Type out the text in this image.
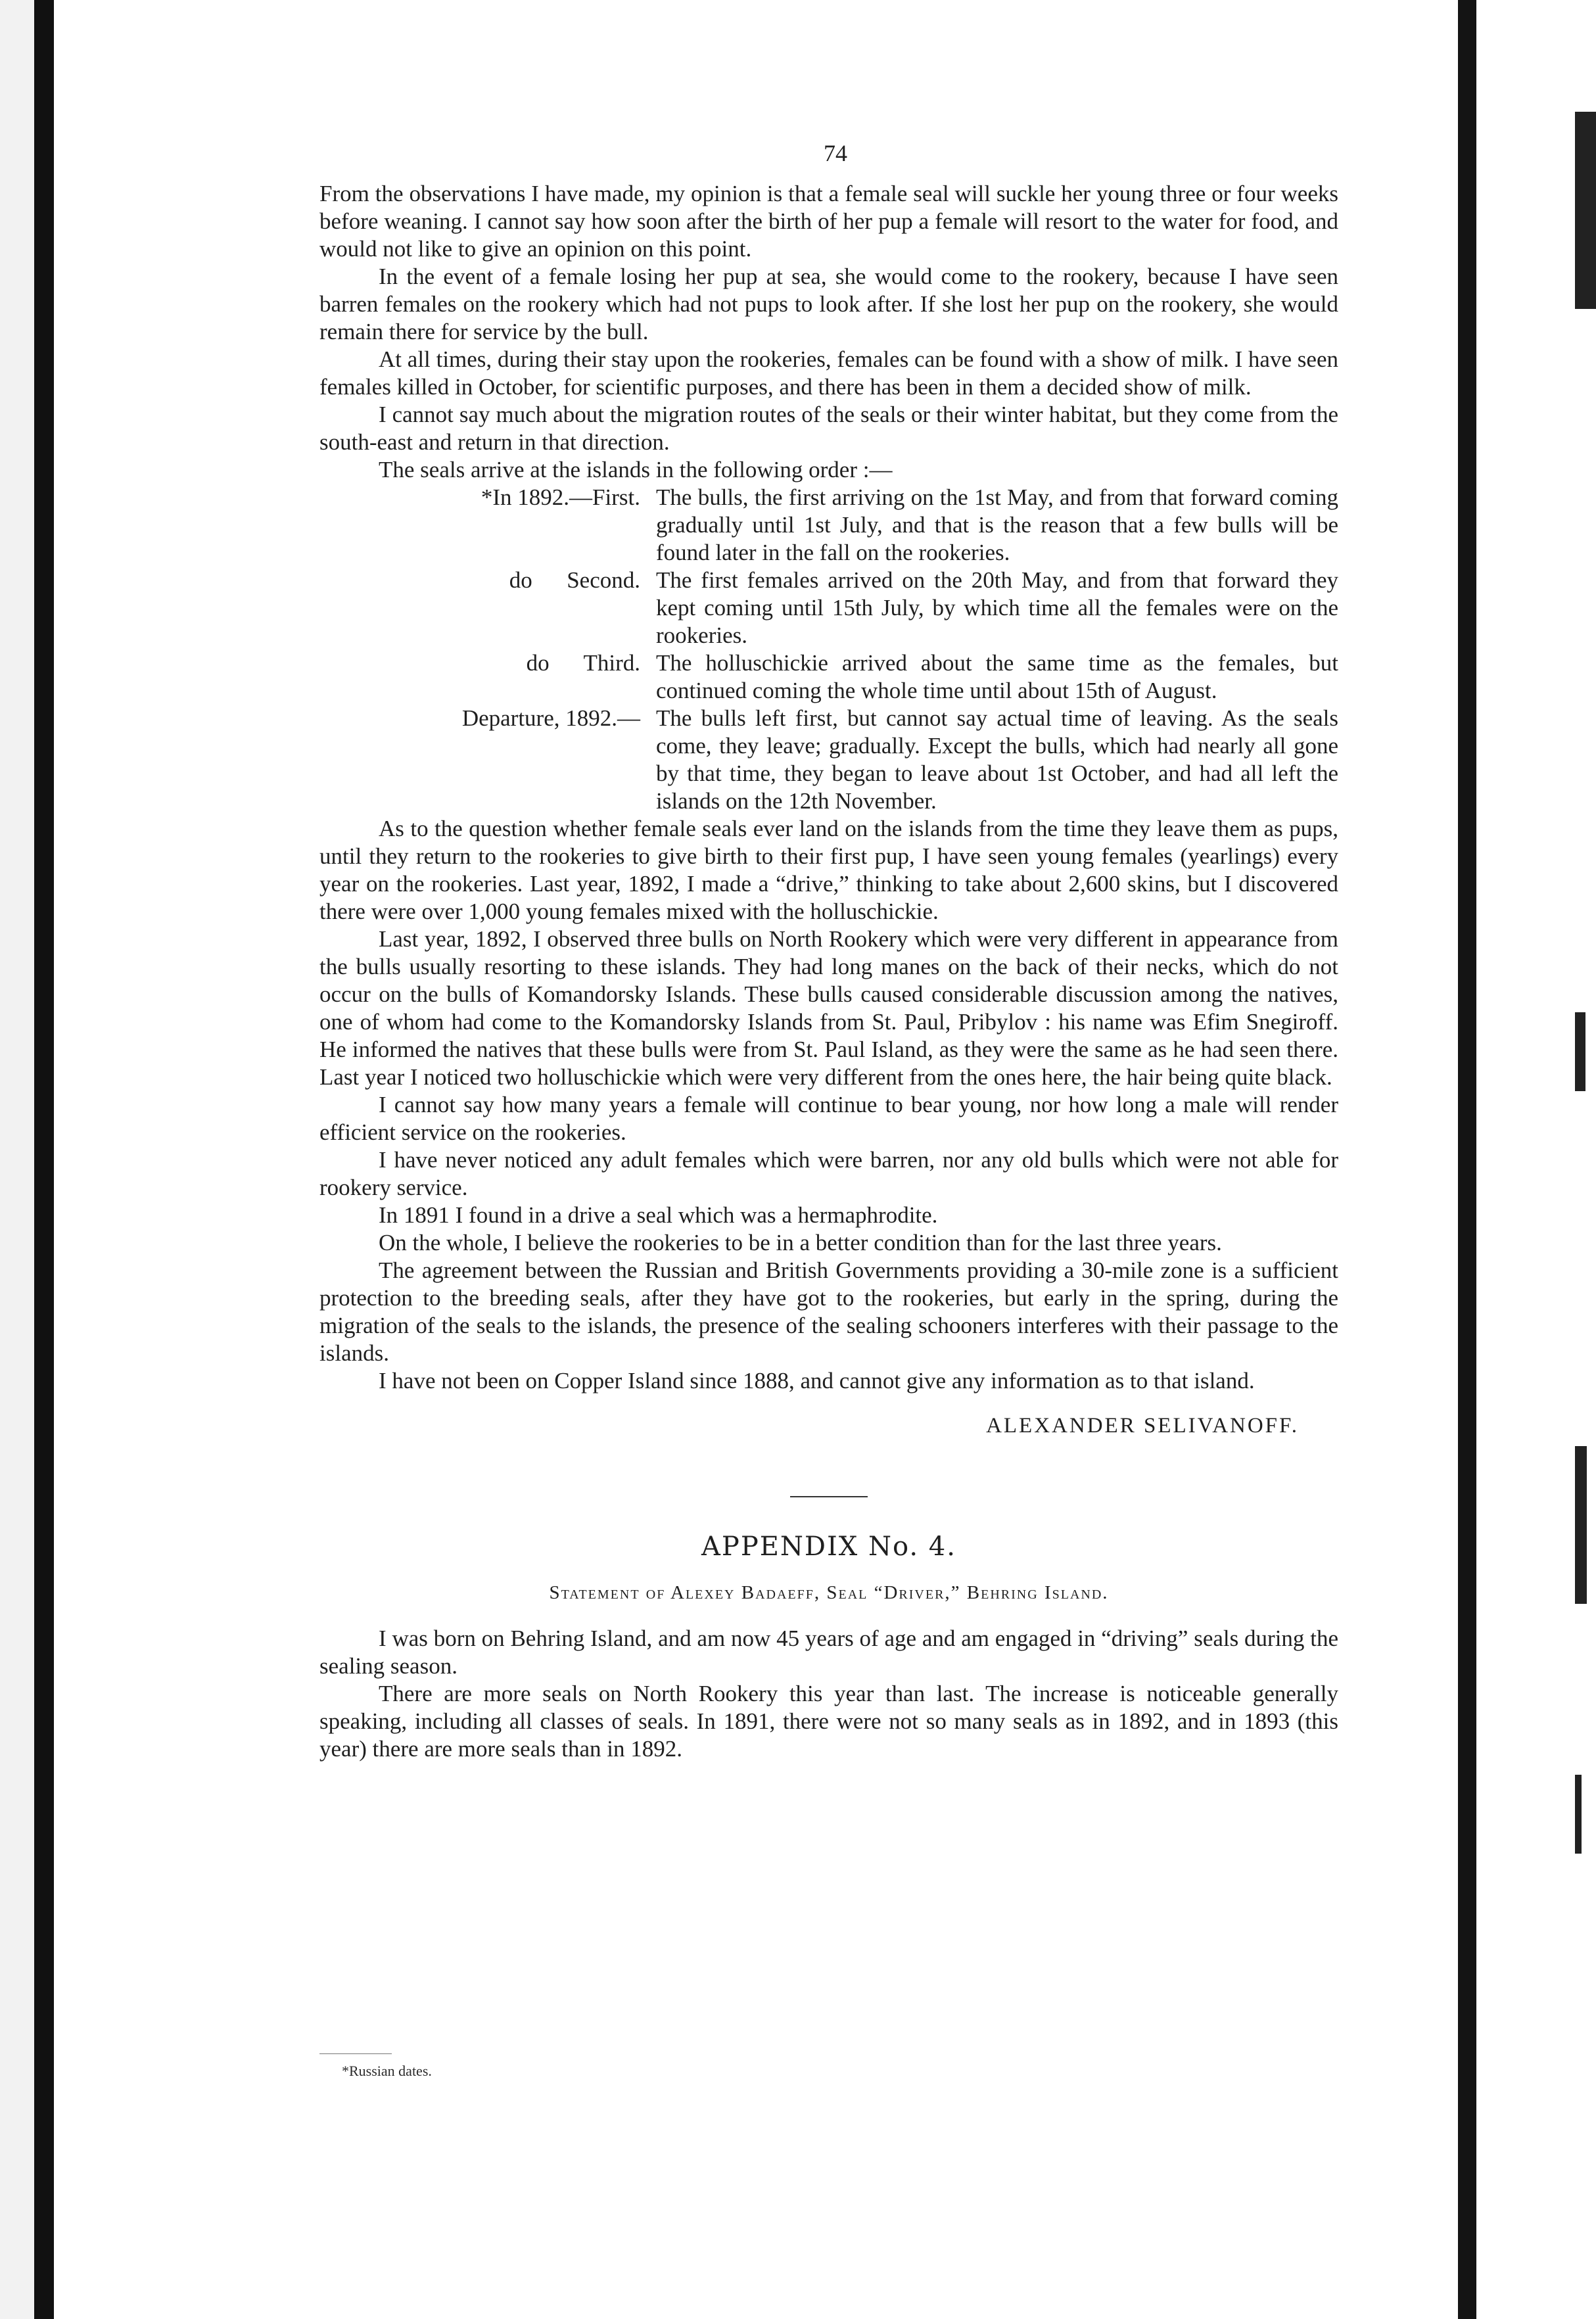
74

From the observations I have made, my opinion is that a female seal will suckle her young three or four weeks before weaning. I cannot say how soon after the birth of her pup a female will resort to the water for food, and would not like to give an opinion on this point.

In the event of a female losing her pup at sea, she would come to the rookery, because I have seen barren females on the rookery which had not pups to look after. If she lost her pup on the rookery, she would remain there for service by the bull.

At all times, during their stay upon the rookeries, females can be found with a show of milk. I have seen females killed in October, for scientific purposes, and there has been in them a decided show of milk.

I cannot say much about the migration routes of the seals or their winter habitat, but they come from the south-east and return in that direction.

The seals arrive at the islands in the following order :—

*In 1892.—First. The bulls, the first arriving on the 1st May, and from that forward coming gradually until 1st July, and that is the reason that a few bulls will be found later in the fall on the rookeries.
do      Second. The first females arrived on the 20th May, and from that forward they kept coming until 15th July, by which time all the females were on the rookeries.
do      Third. The holluschickie arrived about the same time as the females, but continued coming the whole time until about 15th of August.
Departure, 1892.— The bulls left first, but cannot say actual time of leaving. As the seals come, they leave; gradually. Except the bulls, which had nearly all gone by that time, they began to leave about 1st October, and had all left the islands on the 12th November.

As to the question whether female seals ever land on the islands from the time they leave them as pups, until they return to the rookeries to give birth to their first pup, I have seen young females (yearlings) every year on the rookeries. Last year, 1892, I made a “drive,” thinking to take about 2,600 skins, but I discovered there were over 1,000 young females mixed with the holluschickie.

Last year, 1892, I observed three bulls on North Rookery which were very different in appearance from the bulls usually resorting to these islands. They had long manes on the back of their necks, which do not occur on the bulls of Komandorsky Islands. These bulls caused considerable discussion among the natives, one of whom had come to the Komandorsky Islands from St. Paul, Pribylov : his name was Efim Snegiroff. He informed the natives that these bulls were from St. Paul Island, as they were the same as he had seen there. Last year I noticed two holluschickie which were very different from the ones here, the hair being quite black.

I cannot say how many years a female will continue to bear young, nor how long a male will render efficient service on the rookeries.

I have never noticed any adult females which were barren, nor any old bulls which were not able for rookery service.

In 1891 I found in a drive a seal which was a hermaphrodite.

On the whole, I believe the rookeries to be in a better condition than for the last three years.

The agreement between the Russian and British Governments providing a 30-mile zone is a sufficient protection to the breeding seals, after they have got to the rookeries, but early in the spring, during the migration of the seals to the islands, the presence of the sealing schooners interferes with their passage to the islands.

I have not been on Copper Island since 1888, and cannot give any information as to that island.

ALEXANDER SELIVANOFF.

APPENDIX No. 4.

Statement of Alexey Badaeff, Seal “Driver,” Behring Island.

I was born on Behring Island, and am now 45 years of age and am engaged in “driving” seals during the sealing season.

There are more seals on North Rookery this year than last. The increase is noticeable generally speaking, including all classes of seals. In 1891, there were not so many seals as in 1892, and in 1893 (this year) there are more seals than in 1892.

*Russian dates.
